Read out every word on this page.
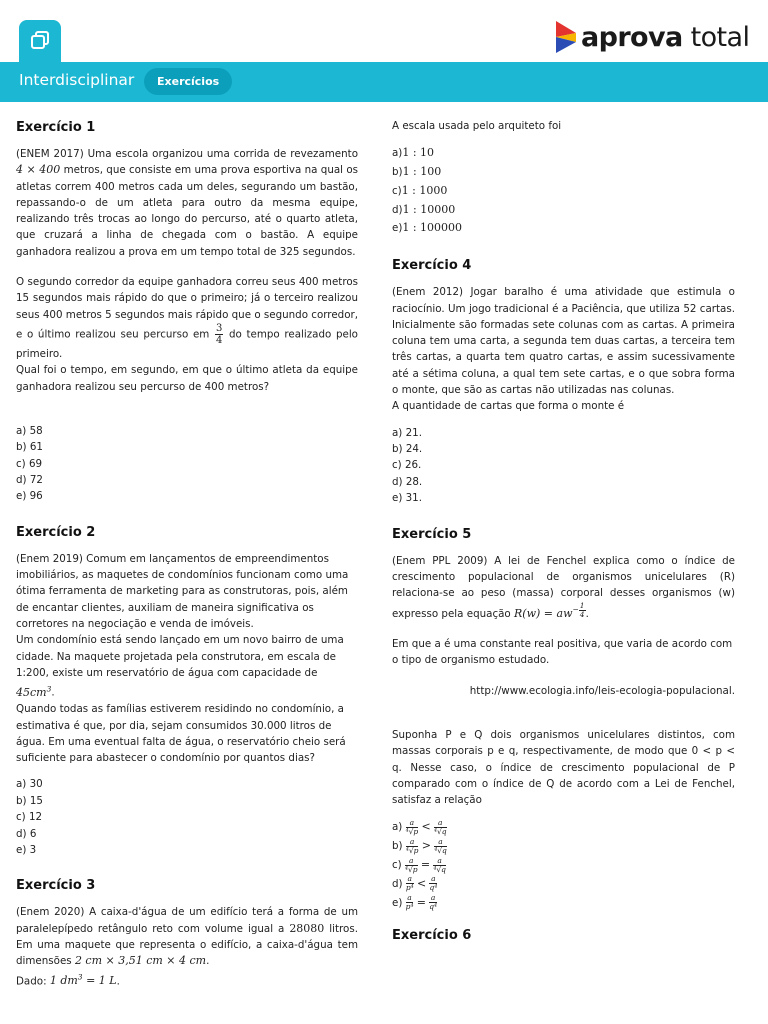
aprova total
Interdisciplinar	Exercícios
Exercício 1
(ENEM 2017) Uma escola organizou uma corrida de revezamento 4 × 400 metros, que consiste em uma prova esportiva na qual os atletas correm 400 metros cada um deles, segurando um bastão, repassando-o de um atleta para outro da mesma equipe, realizando três trocas ao longo do percurso, até o quarto atleta, que cruzará a linha de chegada com o bastão. A equipe ganhadora realizou a prova em um tempo total de 325 segundos.
O segundo corredor da equipe ganhadora correu seus 400 metros 15 segundos mais rápido do que o primeiro; já o terceiro realizou seus 400 metros 5 segundos mais rápido que o segundo corredor, e o último realizou seu percurso em $\frac{3}{4}$ do tempo realizado pelo primeiro.
Qual foi o tempo, em segundo, em que o último atleta da equipe ganhadora realizou seu percurso de 400 metros?
a) 58
b) 61
c) 69
d) 72
e) 96
Exercício 2
(Enem 2019) Comum em lançamentos de empreendimentos imobiliários, as maquetes de condomínios funcionam como uma ótima ferramenta de marketing para as construtoras, pois, além de encantar clientes, auxiliam de maneira significativa os corretores na negociação e venda de imóveis.
Um condomínio está sendo lançado em um novo bairro de uma cidade. Na maquete projetada pela construtora, em escala de 1:200, existe um reservatório de água com capacidade de $45cm^3$.
Quando todas as famílias estiverem residindo no condomínio, a estimativa é que, por dia, sejam consumidos 30.000 litros de água. Em uma eventual falta de água, o reservatório cheio será suficiente para abastecer o condomínio por quantos dias?
a) 30
b) 15
c) 12
d) 6
e) 3
Exercício 3
(Enem 2020) A caixa-d'água de um edifício terá a forma de um paralelepípedo retângulo reto com volume igual a 28080 litros. Em uma maquete que representa o edifício, a caixa-d'água tem dimensões 2 cm × 3,51 cm × 4 cm.
Dado: 1 $dm^3 = 1$ L.
A escala usada pelo arquiteto foi
a)1 : 10
b)1 : 100
c)1 : 1000
d)1 : 10000
e)1 : 100000
Exercício 4
(Enem 2012) Jogar baralho é uma atividade que estimula o raciocínio. Um jogo tradicional é a Paciência, que utiliza 52 cartas. Inicialmente são formadas sete colunas com as cartas. A primeira coluna tem uma carta, a segunda tem duas cartas, a terceira tem três cartas, a quarta tem quatro cartas, e assim sucessivamente até a sétima coluna, a qual tem sete cartas, e o que sobra forma o monte, que são as cartas não utilizadas nas colunas.
A quantidade de cartas que forma o monte é
a) 21.
b) 24.
c) 26.
d) 28.
e) 31.
Exercício 5
(Enem PPL 2009) A lei de Fenchel explica como o índice de crescimento populacional de organismos unicelulares (R) relaciona-se ao peso (massa) corporal desses organismos (w) expresso pela equação $R(w) = aw^{- \frac{1}{4}}$ .
Em que a é uma constante real positiva, que varia de acordo com o tipo de organismo estudado.
http://www.ecologia.info/leis-ecologia-populacional.
Suponha P e Q dois organismos unicelulares distintos, com massas corporais p e q, respectivamente, de modo que 0 < p < q. Nesse caso, o índice de crescimento populacional de P comparado com o índice de Q de acordo com a Lei de Fenchel, satisfaz a relação
$a) \frac{a}{\text{⁴√p}} < \frac{a}{\text{⁴√q}}$
$b) \frac{a}{\text{⁴√p}} > \frac{a}{\text{⁴√q}}$
$c) \frac{a}{\text{⁴√p}} = \frac{a}{\text{⁴√q}}$
$d) \frac{a}{\text{p⁴}} < \frac{a}{\text{q⁴}}$
$e) \frac{a}{\text{p⁴}} = \frac{a}{\text{q⁴}}$
Exercício 6
